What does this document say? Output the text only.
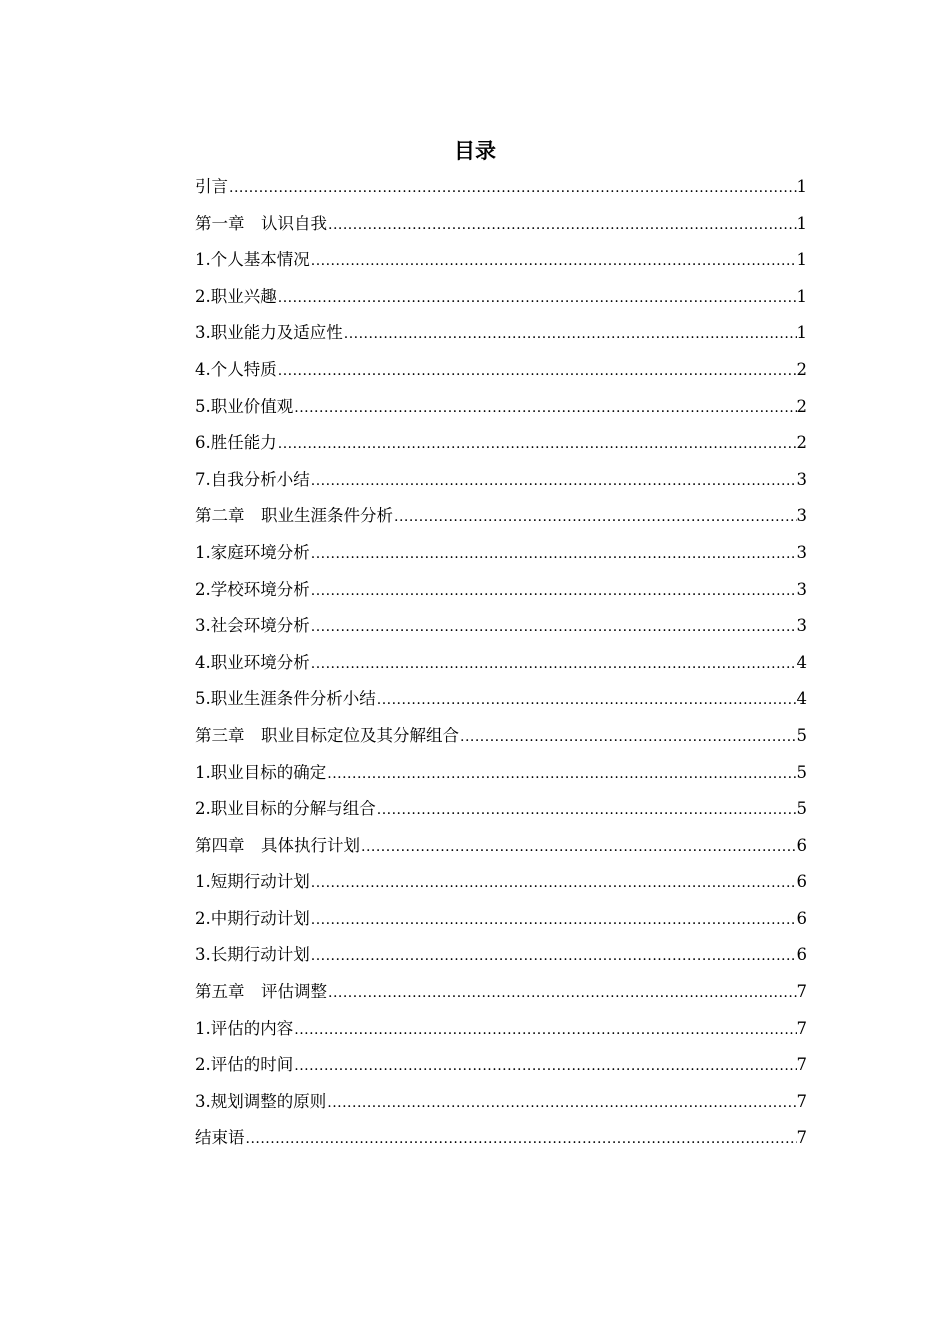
目录
引言 .....	1
第一章　认识自我 .....	1
1.个人基本情况 .....	1
2.职业兴趣 .....	1
3.职业能力及适应性 .....	1
4.个人特质 .....	2
5.职业价值观 .....	2
6.胜任能力 .....	2
7.自我分析小结 .....	3
第二章　职业生涯条件分析 .....	3
1.家庭环境分析 .....	3
2.学校环境分析 .....	3
3.社会环境分析 .....	3
4.职业环境分析 .....	4
5.职业生涯条件分析小结 .....	4
第三章　职业目标定位及其分解组合 .....	5
1.职业目标的确定 .....	5
2.职业目标的分解与组合 .....	5
第四章　具体执行计划 .....	6
1.短期行动计划 .....	6
2.中期行动计划 .....	6
3.长期行动计划 .....	6
第五章　评估调整 .....	7
1.评估的内容 .....	7
2.评估的时间 .....	7
3.规划调整的原则 .....	7
结束语 .....	7
